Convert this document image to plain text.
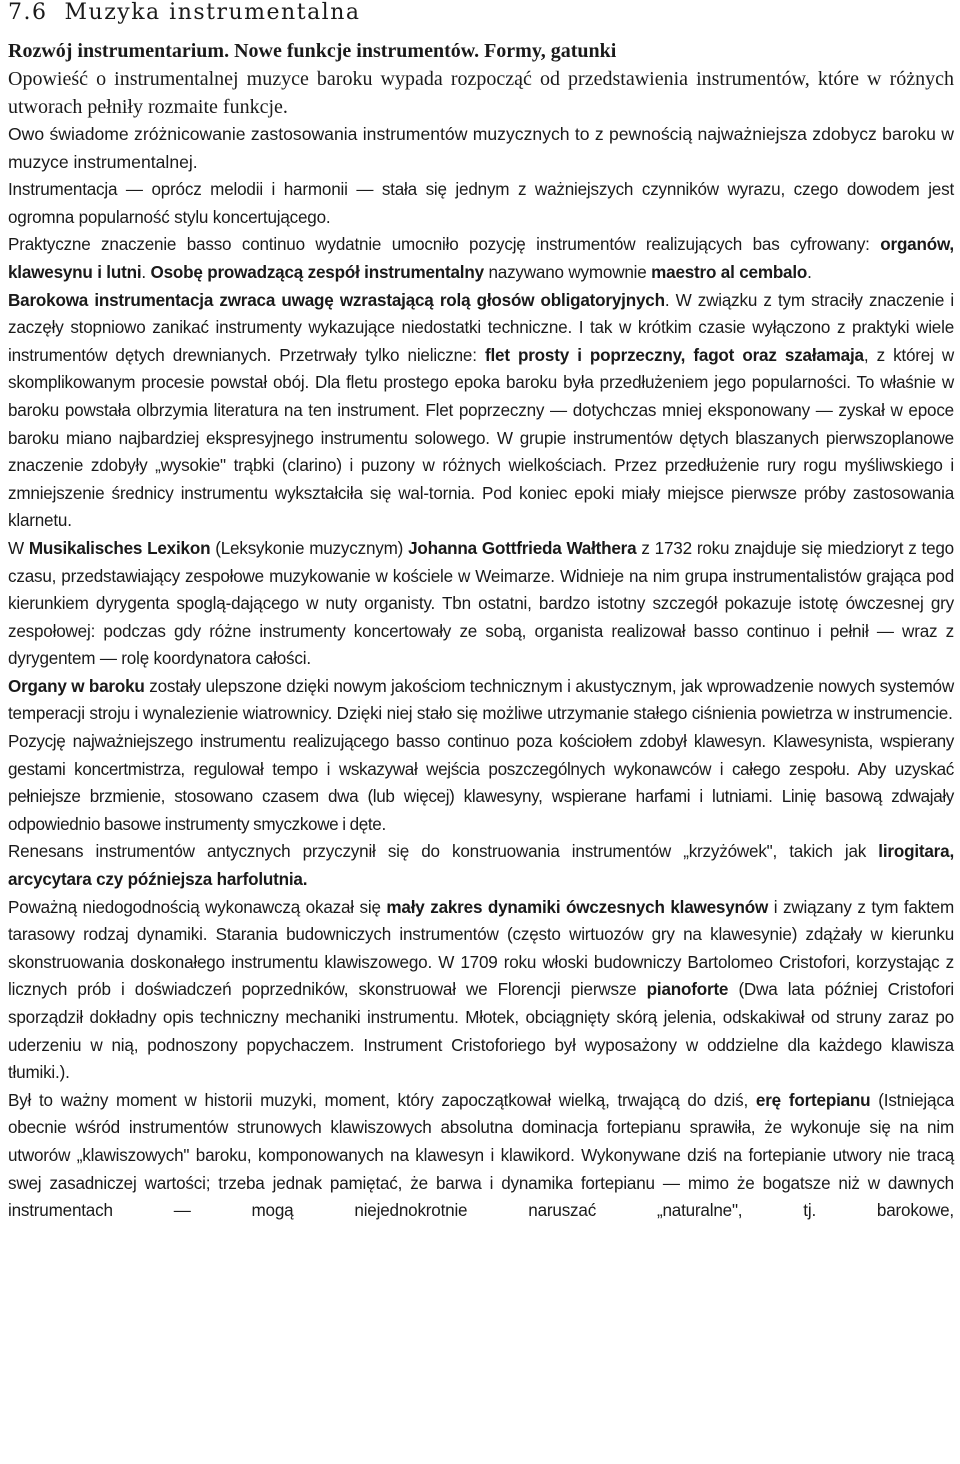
7.6 Muzyka instrumentalna
Rozwój instrumentarium. Nowe funkcje instrumentów. Formy, gatunki

Opowieść o instrumentalnej muzyce baroku wypada rozpocząć od przedstawienia instrumentów, które w różnych utworach pełniły rozmaite funkcje.

Owo świadome zróżnicowanie zastosowania instrumentów muzycznych to z pewnością najważniejsza zdobycz baroku w muzyce instrumentalnej.

Instrumentacja — oprócz melodii i harmonii — stała się jednym z ważniejszych czynników wyrazu, czego dowodem jest ogromna popularność stylu koncertującego.

Praktyczne znaczenie basso continuo wydatnie umocniło pozycję instrumentów realizujących bas cyfrowany: organów, klawesynu i lutni. Osobę prowadzącą zespół instrumentalny nazywano wymownie maestro al cembalo.

Barokowa instrumentacja zwraca uwagę wzrastającą rolą głosów obligatoryjnych. W związku z tym straciły znaczenie i zaczęły stopniowo zanikać instrumenty wykazujące niedostatki techniczne. I tak w krótkim czasie wyłączono z praktyki wiele instrumentów dętych drewnianych. Przetrwały tylko nieliczne: flet prosty i poprzeczny, fagot oraz szałamaja, z której w skomplikowanym procesie powstał obój. Dla fletu prostego epoka baroku była przedłużeniem jego popularności. To właśnie w baroku powstała olbrzymia literatura na ten instrument. Flet poprzeczny — dotychczas mniej eksponowany — zyskał w epoce baroku miano najbardziej ekspresyjnego instrumentu solowego. W grupie instrumentów dętych blaszanych pierwszoplanowe znaczenie zdobyły „wysokie" trąbki (clarino) i puzony w różnych wielkościach. Przez przedłużenie rury rogu myśliwskiego i zmniejszenie średnicy instrumentu wykształciła się wal-tornia. Pod koniec epoki miały miejsce pierwsze próby zastosowania klarnetu.

W Musikalisches Lexikon (Leksykonie muzycznym) Johanna Gottfrieda Wałthera z 1732 roku znajduje się miedzioryt z tego czasu, przedstawiający zespołowe muzykowanie w kościele w Weimarze. Widnieje na nim grupa instrumentalistów grająca pod kierunkiem dyrygenta spoglą-dającego w nuty organisty. Tbn ostatni, bardzo istotny szczegół pokazuje istotę ówczesnej gry zespołowej: podczas gdy różne instrumenty koncertowały ze sobą, organista realizował basso continuo i pełnił — wraz z dyrygentem — rolę koordynatora całości.

Organy w baroku zostały ulepszone dzięki nowym jakościom technicznym i akustycznym, jak wprowadzenie nowych systemów temperacji stroju i wynalezienie wiatrownicy. Dzięki niej stało się możliwe utrzymanie stałego ciśnienia powietrza w instrumencie.

Pozycję najważniejszego instrumentu realizującego basso continuo poza kościołem zdobył klawesyn. Klawesynista, wspierany gestami koncertmistrza, regulował tempo i wskazywał wejścia poszczególnych wykonawców i całego zespołu. Aby uzyskać pełniejsze brzmienie, stosowano czasem dwa (lub więcej) klawesyny, wspierane harfami i lutniami. Linię basową zdwajały odpowiednio basowe instrumenty smyczkowe i dęte.

Renesans instrumentów antycznych przyczynił się do konstruowania instrumentów „krzyżówek", takich jak lirogitara, arcycytara czy późniejsza harfolutnia.

Poważną niedogodnością wykonawczą okazał się mały zakres dynamiki ówczesnych klawesynów i związany z tym faktem tarasowy rodzaj dynamiki. Starania budowniczych instrumentów (często wirtuozów gry na klawesynie) zdążały w kierunku skonstruowania doskonałego instrumentu klawiszowego. W 1709 roku włoski budowniczy Bartolomeo Cristofori, korzystając z licznych prób i doświadczeń poprzedników, skonstruował we Florencji pierwsze pianoforte (Dwa lata później Cristofori sporządził dokładny opis techniczny mechaniki instrumentu. Młotek, obciągnięty skórą jelenia, odskakiwał od struny zaraz po uderzeniu w nią, podnoszony popychaczem. Instrument Cristoforiego był wyposażony w oddzielne dla każdego klawisza tłumiki.).

Był to ważny moment w historii muzyki, moment, który zapoczątkował wielką, trwającą do dziś, erę fortepianu (Istniejąca obecnie wśród instrumentów strunowych klawiszowych absolutna dominacja fortepianu sprawiła, że wykonuje się na nim utworów „klawiszowych" baroku, komponowanych na klawesyn i klawikord. Wykonywane dziś na fortepianie utwory nie tracą swej zasadniczej wartości; trzeba jednak pamiętać, że barwa i dynamika fortepianu — mimo że bogatsze niż w dawnych instrumentach — mogą niejednokrotnie naruszać „naturalne", tj. barokowe,
